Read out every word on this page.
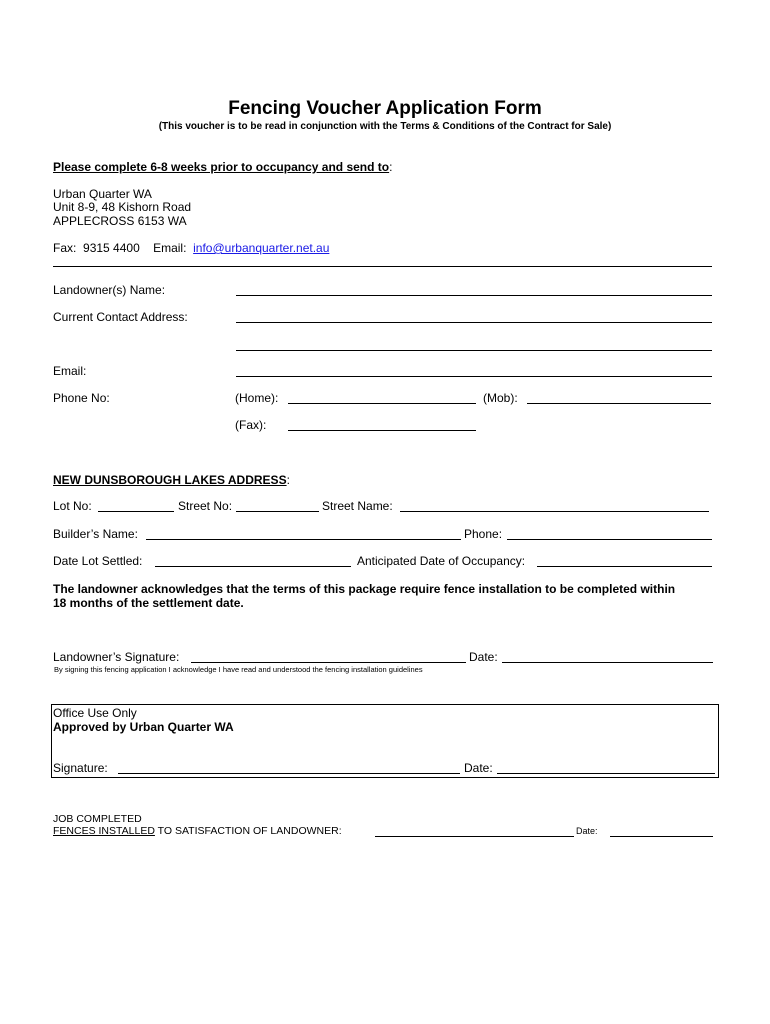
Fencing Voucher Application Form
(This voucher is to be read in conjunction with the Terms & Conditions of the Contract for Sale)
Please complete 6-8 weeks prior to occupancy and send to:
Urban Quarter WA
Unit 8-9, 48 Kishorn Road
APPLECROSS 6153 WA
Fax: 9315 4400 Email: info@urbanquarter.net.au
Landowner(s) Name:
Current Contact Address:
Email:
Phone No:	(Home):	(Mob):
(Fax):
NEW DUNSBOROUGH LAKES ADDRESS:
Lot No:	Street No:	Street Name:
Builder’s Name:	Phone:
Date Lot Settled:	Anticipated Date of Occupancy:
The landowner acknowledges that the terms of this package require fence installation to be completed within
18 months of the settlement date.
Landowner’s Signature:	Date:
By signing this fencing application I acknowledge I have read and understood the fencing installation guidelines
Office Use Only
Approved by Urban Quarter WA
Signature:	Date:
JOB COMPLETED
FENCES INSTALLED TO SATISFACTION OF LANDOWNER:	Date:
